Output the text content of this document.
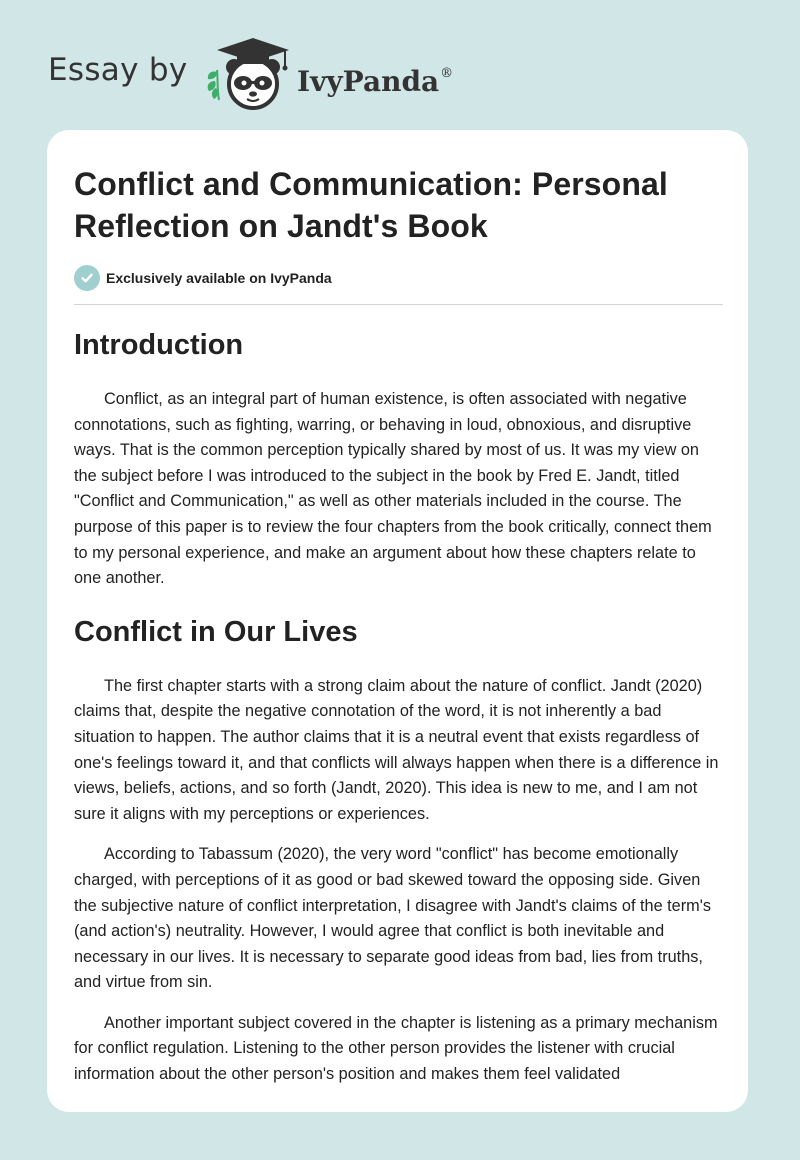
Essay by	IvyPanda®
Conflict and Communication: Personal Reflection on Jandt's Book
Exclusively available on IvyPanda
Introduction

Conflict, as an integral part of human existence, is often associated with negative connotations, such as fighting, warring, or behaving in loud, obnoxious, and disruptive ways. That is the common perception typically shared by most of us. It was my view on the subject before I was introduced to the subject in the book by Fred E. Jandt, titled "Conflict and Communication," as well as other materials included in the course. The purpose of this paper is to review the four chapters from the book critically, connect them to my personal experience, and make an argument about how these chapters relate to one another.

Conflict in Our Lives

The first chapter starts with a strong claim about the nature of conflict. Jandt (2020) claims that, despite the negative connotation of the word, it is not inherently a bad situation to happen. The author claims that it is a neutral event that exists regardless of one's feelings toward it, and that conflicts will always happen when there is a difference in views, beliefs, actions, and so forth (Jandt, 2020). This idea is new to me, and I am not sure it aligns with my perceptions or experiences.

According to Tabassum (2020), the very word "conflict" has become emotionally charged, with perceptions of it as good or bad skewed toward the opposing side. Given the subjective nature of conflict interpretation, I disagree with Jandt's claims of the term's (and action's) neutrality. However, I would agree that conflict is both inevitable and necessary in our lives. It is necessary to separate good ideas from bad, lies from truths, and virtue from sin.

Another important subject covered in the chapter is listening as a primary mechanism for conflict regulation. Listening to the other person provides the listener with crucial information about the other person's position and makes them feel validated
